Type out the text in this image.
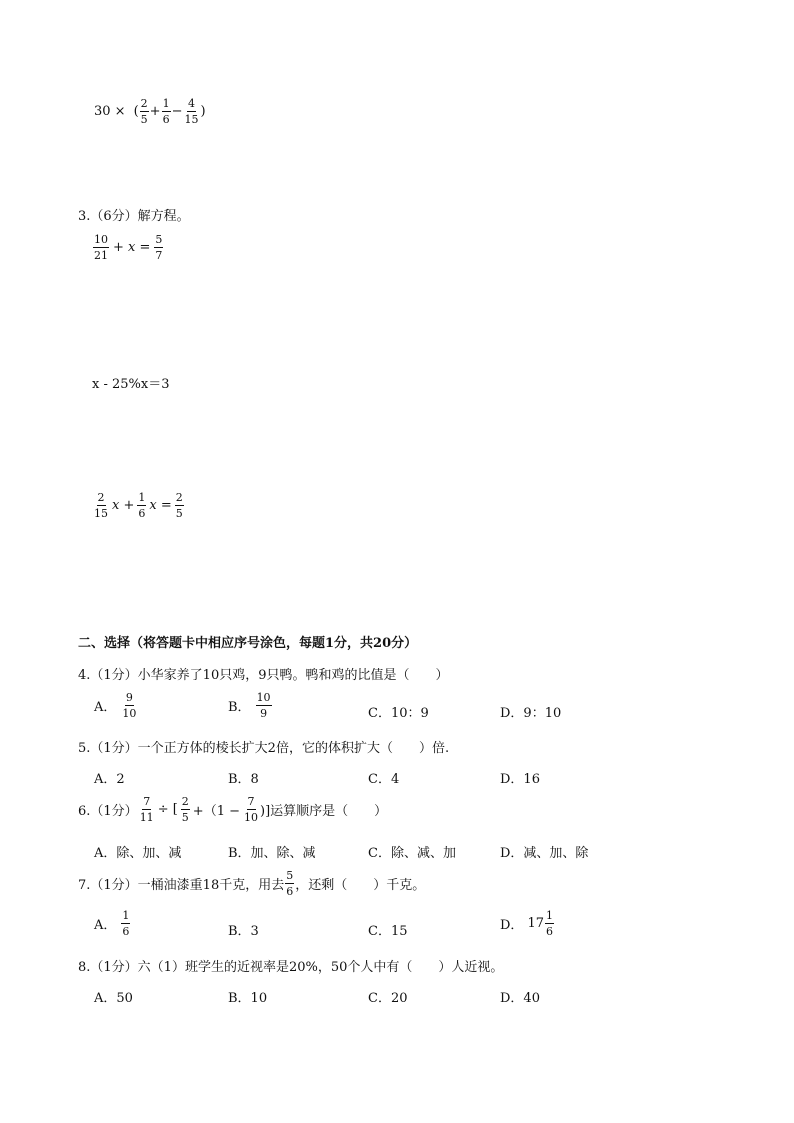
30 × ( $\frac{2}{5} + \frac{1}{6} - \frac{4}{15}$ )
3.（6分）解方程。
$\frac{10}{21} + x = \frac{5}{7}$
x - 25%x＝3
$\frac{2}{15}$ $x + \frac{1}{6}$ $x = \frac{2}{5}$
二、选择（将答题卡中相应序号涂色，每题1分，共20分）
4.（1分）小华家养了10只鸡，9只鸭。鸭和鸡的比值是（　　）
A． $\frac{9}{10}$	B． $\frac{10}{9}$	C．10：9	D．9：10
5.（1分）一个正方体的棱长扩大2倍，它的体积扩大（　　）倍.
A．2	B．8	C．4	D．16
6.（1分） $\frac{7}{11}$ ÷ [ $\frac{2}{5} +(1 - \frac{7}{10}$ )]运算顺序是（　　）
A．除、加、减	B．加、除、减	C．除、减、加	D．减、加、除
7.（1分）一桶油漆重18千克，用去 $\frac{5}{6}$ ，还剩（　　）千克。
A． $\frac{1}{6}$	B．3	C．15	D． $17 \frac{1}{6}$
8.（1分）六（1）班学生的近视率是20%，50个人中有（　　）人近视。
A．50	B．10	C．20	D．40
